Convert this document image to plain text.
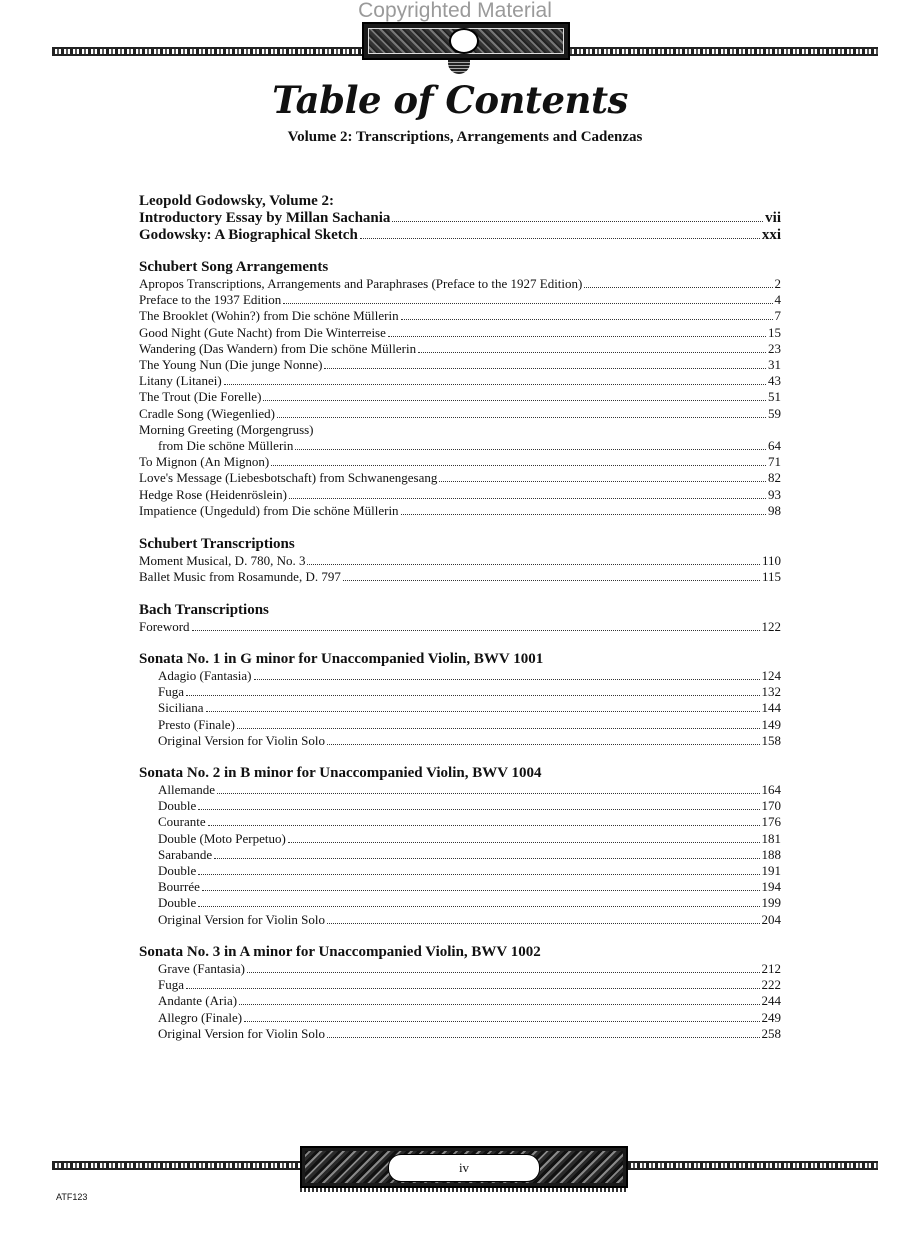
Copyrighted Material
Table of Contents
Volume 2: Transcriptions, Arrangements and Cadenzas
Leopold Godowsky, Volume 2:
Introductory Essay by Millan Sachania	vii
Godowsky: A Biographical Sketch	xxi
Schubert Song Arrangements
Apropos Transcriptions, Arrangements and Paraphrases (Preface to the 1927 Edition)	2
Preface to the 1937 Edition	4
The Brooklet (Wohin?) from Die schöne Müllerin	7
Good Night (Gute Nacht) from Die Winterreise	15
Wandering (Das Wandern) from Die schöne Müllerin	23
The Young Nun (Die junge Nonne)	31
Litany (Litanei)	43
The Trout (Die Forelle)	51
Cradle Song (Wiegenlied)	59
Morning Greeting (Morgengruss)
from Die schöne Müllerin	64
To Mignon (An Mignon)	71
Love's Message (Liebesbotschaft) from Schwanengesang	82
Hedge Rose (Heidenröslein)	93
Impatience (Ungeduld) from Die schöne Müllerin	98
Schubert Transcriptions
Moment Musical, D. 780, No. 3	110
Ballet Music from Rosamunde, D. 797	115
Bach Transcriptions
Foreword	122
Sonata No. 1 in G minor for Unaccompanied Violin, BWV 1001
Adagio (Fantasia)	124
Fuga	132
Siciliana	144
Presto (Finale)	149
Original Version for Violin Solo	158
Sonata No. 2 in B minor for Unaccompanied Violin, BWV 1004
Allemande	164
Double	170
Courante	176
Double (Moto Perpetuo)	181
Sarabande	188
Double	191
Bourrée	194
Double	199
Original Version for Violin Solo	204
Sonata No. 3 in A minor for Unaccompanied Violin, BWV 1002
Grave (Fantasia)	212
Fuga	222
Andante (Aria)	244
Allegro (Finale)	249
Original Version for Violin Solo	258
iv
ATF123
